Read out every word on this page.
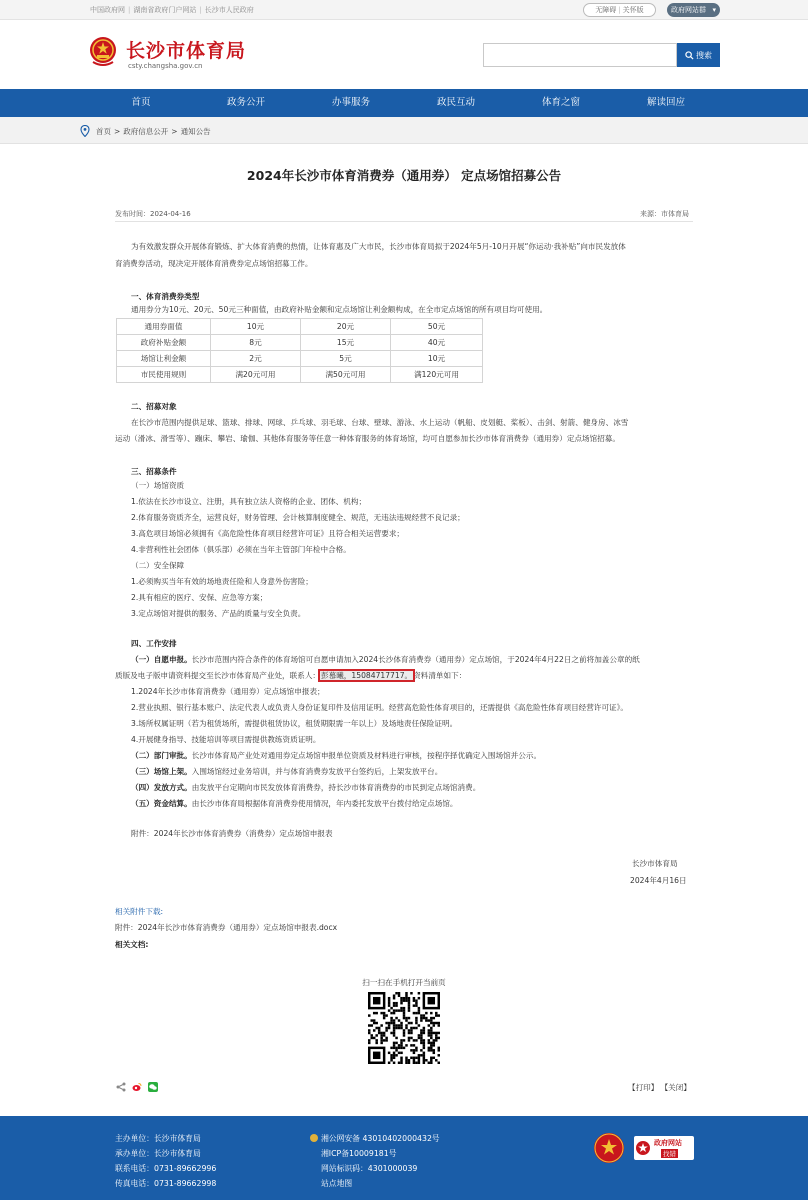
中国政府网 | 湖南省政府门户网站 | 长沙市人民政府	无障碍 | 关怀版	政府网站群 ▾
长沙市体育局
csty.changsha.gov.cn
搜索
首页	政务公开	办事服务	政民互动	体育之窗	解读回应
首页 > 政府信息公开 > 通知公告
2024年长沙市体育消费券（通用券） 定点场馆招募公告
发布时间：2024-04-16	来源：市体育局
为有效激发群众开展体育锻炼、扩大体育消费的热情，让体育惠及广大市民，长沙市体育局拟于2024年5月-10月开展“你运动·我补贴”向市民发放体
育消费券活动，现决定开展体育消费券定点场馆招募工作。
一、体育消费券类型
通用券分为10元、20元、50元三种面值，由政府补贴金额和定点场馆让利金额构成，在全市定点场馆的所有项目均可使用。
通用券面值	10元	20元	50元
政府补贴金额	8元	15元	40元
场馆让利金额	2元	5元	10元
市民使用规则	满20元可用	满50元可用	满120元可用
二、招募对象
在长沙市范围内提供足球、篮球、排球、网球、乒乓球、羽毛球、台球、壁球、游泳、水上运动（帆船、皮划艇、桨板）、击剑、射箭、健身房、冰雪
运动（滑冰、滑雪等）、蹦床、攀岩、瑜伽、其他体育服务等任意一种体育服务的体育场馆，均可自愿参加长沙市体育消费券（通用券）定点场馆招募。
三、招募条件
（一）场馆资质
1.依法在长沙市设立、注册，具有独立法人资格的企业、团体、机构；
2.体育服务资质齐全，运营良好，财务管理、会计核算制度健全、规范，无违法违规经营不良记录；
3.高危项目场馆必须拥有《高危险性体育项目经营许可证》且符合相关运营要求；
4.非营利性社会团体（俱乐部）必须在当年主管部门年检中合格。
（二）安全保障
1.必须购买当年有效的场地责任险和人身意外伤害险；
2.具有相应的医疗、安保、应急等方案；
3.定点场馆对提供的服务、产品的质量与安全负责。
四、工作安排
（一）自愿申报。长沙市范围内符合条件的体育场馆可自愿申请加入2024长沙体育消费券（通用券）定点场馆，于2024年4月22日之前将加盖公章的纸
质版及电子版申请资料提交至长沙市体育局产业处，联系人：彭慕曦，15084717717。资料清单如下：
1.2024年长沙市体育消费券（通用券）定点场馆申报表；
2.营业执照、银行基本账户、法定代表人或负责人身份证复印件及信用证明。经营高危险性体育项目的，还需提供《高危险性体育项目经营许可证》。
3.场所权属证明（若为租赁场所，需提供租赁协议，租赁期限需一年以上）及场地责任保险证明。
4.开展健身指导、技能培训等项目需提供教练资质证明。
（二）部门审批。长沙市体育局产业处对通用券定点场馆申报单位资质及材料进行审核，按程序择优确定入围场馆并公示。
（三）场馆上架。入围场馆经过业务培训，并与体育消费券发放平台签约后，上架发放平台。
（四）发放方式。由发放平台定期向市民发放体育消费券，持长沙市体育消费券的市民到定点场馆消费。
（五）资金结算。由长沙市体育局根据体育消费券使用情况，年内委托发放平台拨付给定点场馆。
附件：2024年长沙市体育消费券（消费券）定点场馆申报表
长沙市体育局
2024年4月16日
相关附件下载:
附件：2024年长沙市体育消费券（通用券）定点场馆申报表.docx
相关文档:
扫一扫在手机打开当前页
【打印】 【关闭】
主办单位：长沙市体育局
承办单位：长沙市体育局
联系电话：0731-89662996
传真电话：0731-89662998
湘公网安备 43010402000432号
湘ICP备10009181号
网站标识码：4301000039
站点地图
政府网站
找错
